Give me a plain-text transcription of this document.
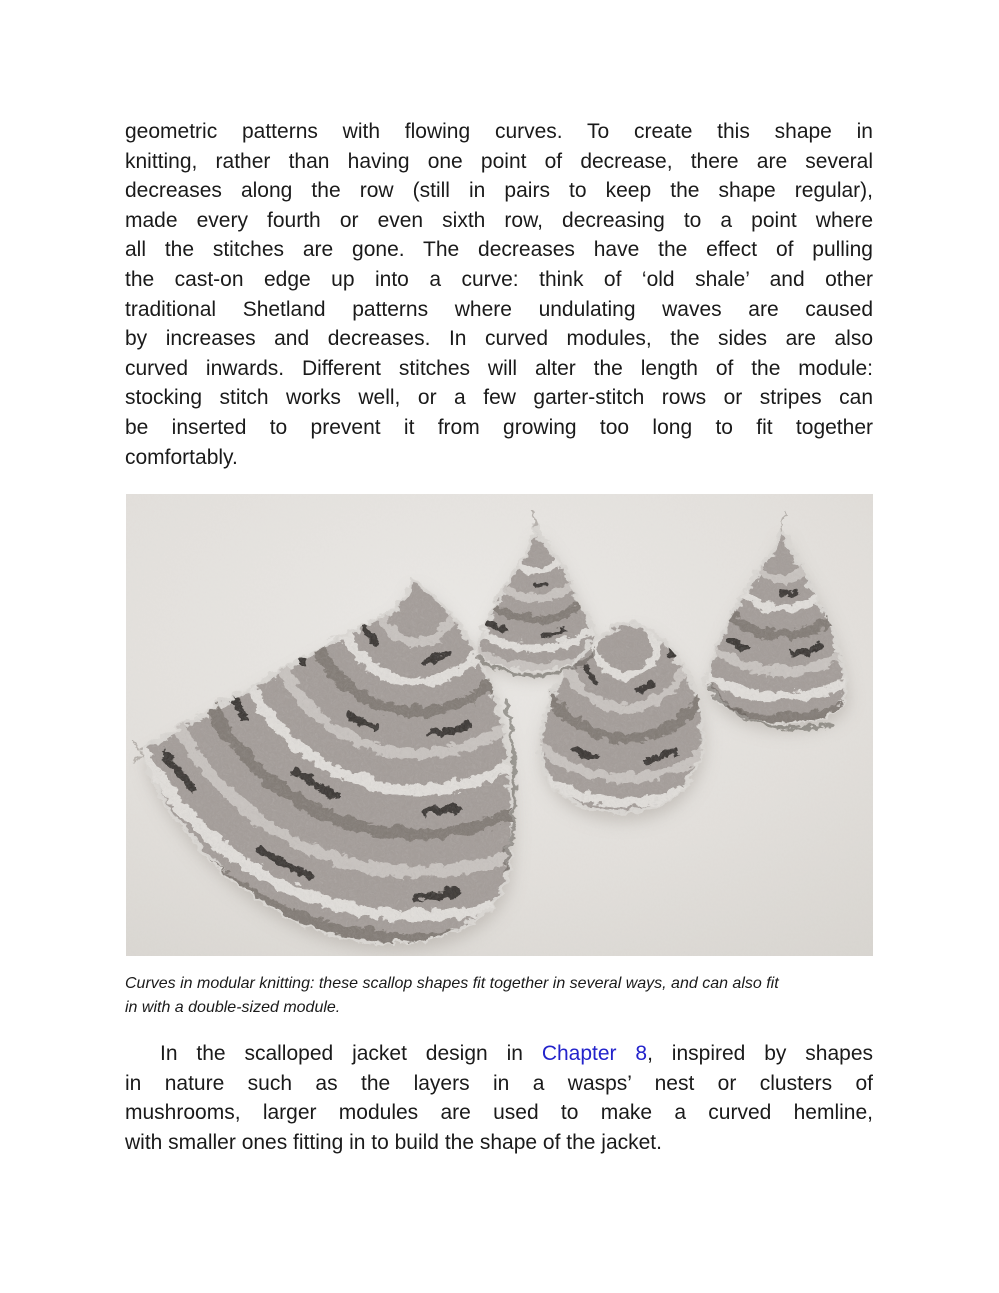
geometric patterns with flowing curves. To create this shape in
knitting, rather than having one point of decrease, there are several
decreases along the row (still in pairs to keep the shape regular),
made every fourth or even sixth row, decreasing to a point where
all the stitches are gone. The decreases have the effect of pulling
the cast-on edge up into a curve: think of ‘old shale’ and other
traditional Shetland patterns where undulating waves are caused
by increases and decreases. In curved modules, the sides are also
curved inwards. Different stitches will alter the length of the module:
stocking stitch works well, or a few garter-stitch rows or stripes can
be inserted to prevent it from growing too long to fit together
comfortably.
Curves in modular knitting: these scallop shapes fit together in several ways, and can also fit
in with a double-sized module.
In the scalloped jacket design in Chapter 8, inspired by shapes
in nature such as the layers in a wasps’ nest or clusters of
mushrooms, larger modules are used to make a curved hemline,
with smaller ones fitting in to build the shape of the jacket.
